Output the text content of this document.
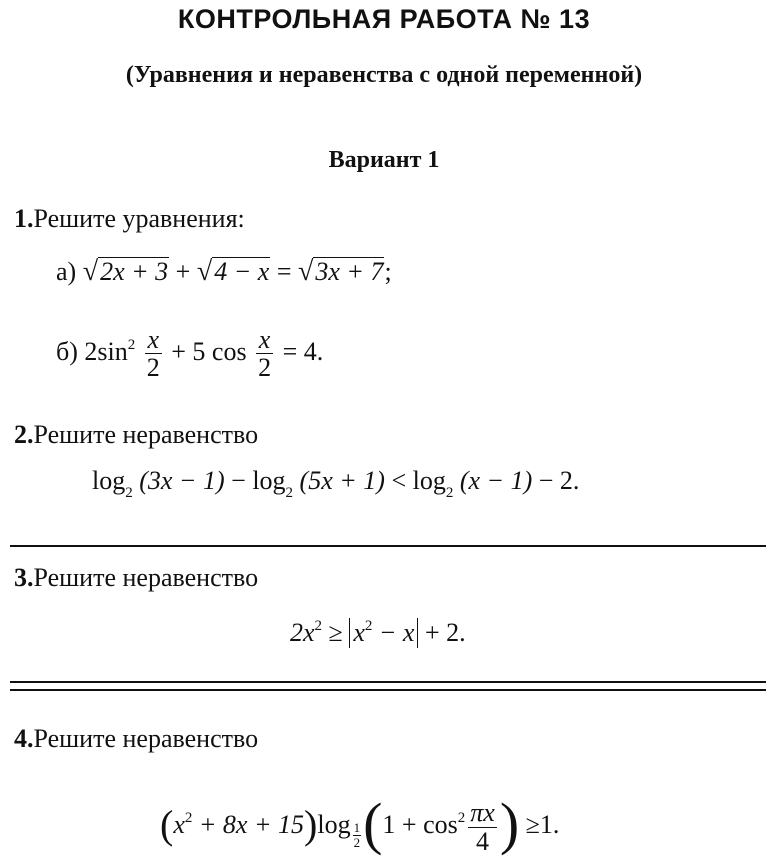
КОНТРОЛЬНАЯ РАБОТА № 13
(Уравнения и неравенства с одной переменной)
Вариант 1
1.Решите уравнения:
а) √2x + 3 + √4 − x = √3x + 7;
б) $2\sin^2 \frac{x}{2} + 5$ $\cos \frac{x}{2} = 4$.
2.Решите неравенство
$\log_2 (3x - 1) - \log_2 (5x + 1) < \log_2 (x - 1) - 2$.
3.Решите неравенство
$2x^2 \ge x^2 - x + 2$.
4.Решите неравенство
$(x^2 + 8x + 15)\log \frac{1}{2} (1 + \cos^2 \frac{\pi x}{4}$ ) ≥1.
